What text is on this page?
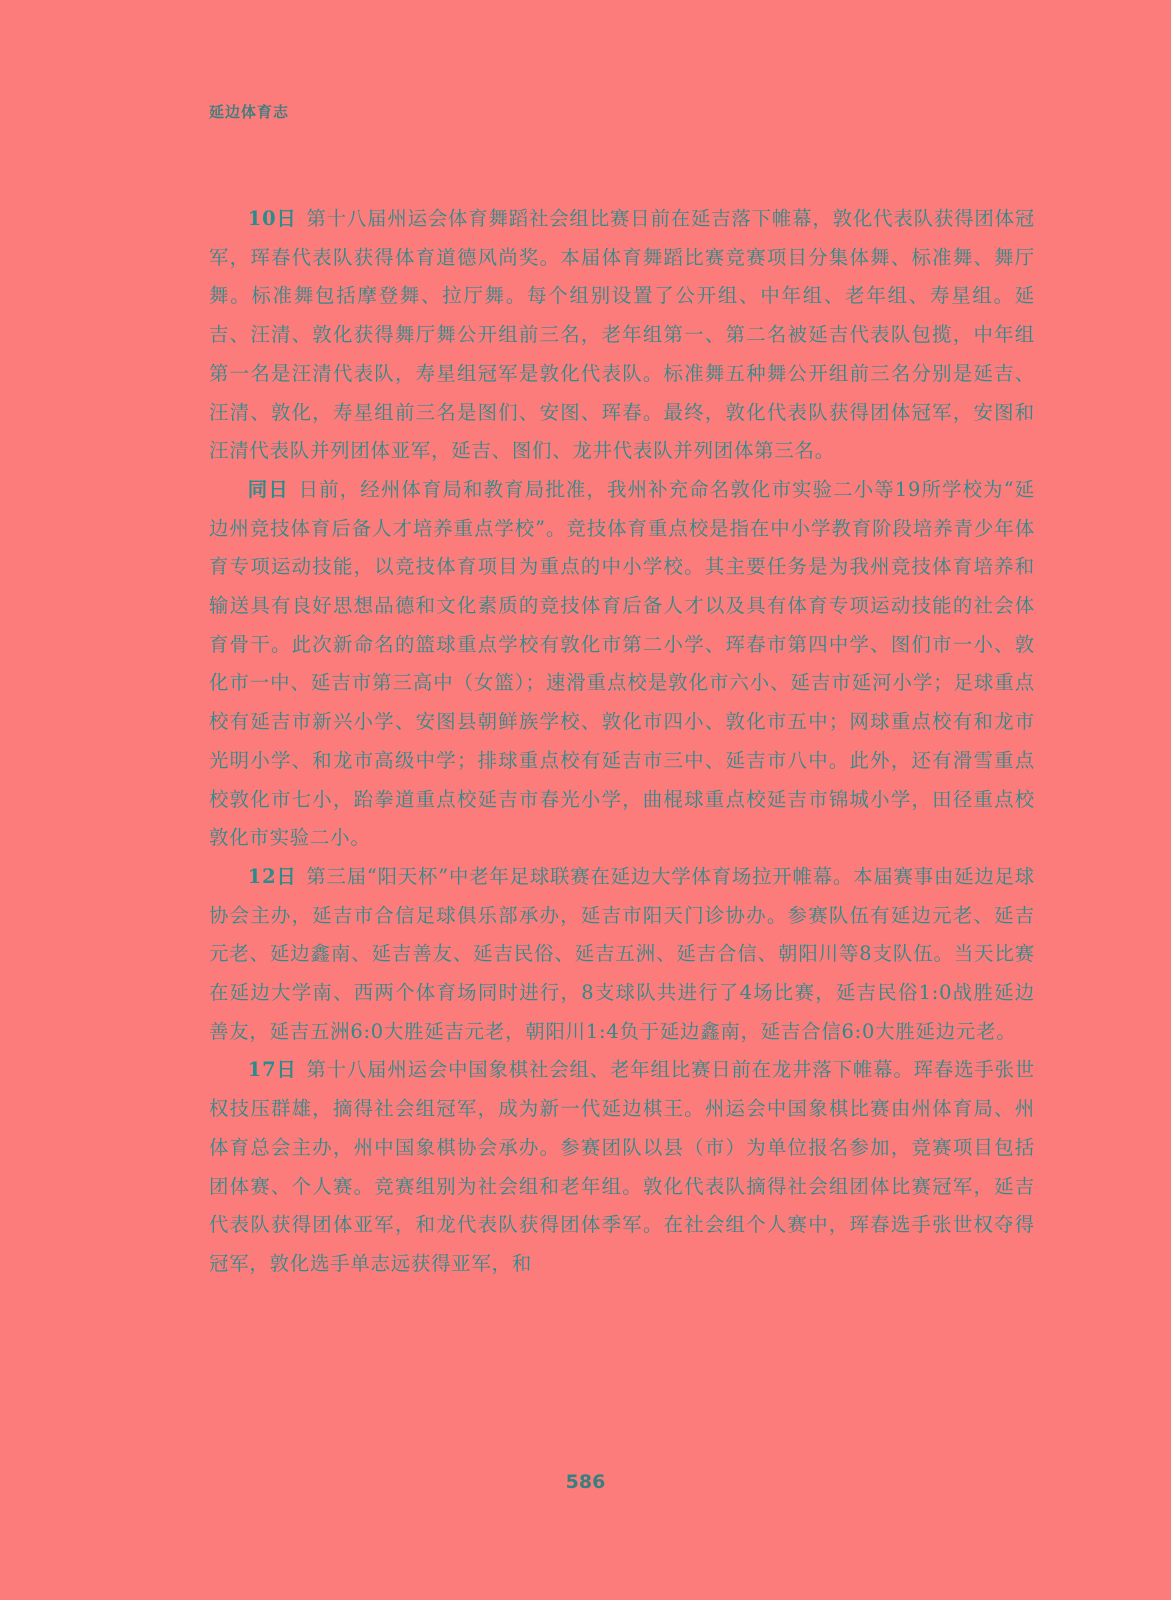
延边体育志

10日 第十八届州运会体育舞蹈社会组比赛日前在延吉落下帷幕，敦化代表队获得团体冠军，珲春代表队获得体育道德风尚奖。本届体育舞蹈比赛竞赛项目分集体舞、标准舞、舞厅舞。标准舞包括摩登舞、拉厅舞。每个组别设置了公开组、中年组、老年组、寿星组。延吉、汪清、敦化获得舞厅舞公开组前三名，老年组第一、第二名被延吉代表队包揽，中年组第一名是汪清代表队，寿星组冠军是敦化代表队。标准舞五种舞公开组前三名分别是延吉、汪清、敦化，寿星组前三名是图们、安图、珲春。最终，敦化代表队获得团体冠军，安图和汪清代表队并列团体亚军，延吉、图们、龙井代表队并列团体第三名。

同日 日前，经州体育局和教育局批准，我州补充命名敦化市实验二小等19所学校为“延边州竞技体育后备人才培养重点学校”。竞技体育重点校是指在中小学教育阶段培养青少年体育专项运动技能，以竞技体育项目为重点的中小学校。其主要任务是为我州竞技体育培养和输送具有良好思想品德和文化素质的竞技体育后备人才以及具有体育专项运动技能的社会体育骨干。此次新命名的篮球重点学校有敦化市第二小学、珲春市第四中学、图们市一小、敦化市一中、延吉市第三高中（女篮）；速滑重点校是敦化市六小、延吉市延河小学；足球重点校有延吉市新兴小学、安图县朝鲜族学校、敦化市四小、敦化市五中；网球重点校有和龙市光明小学、和龙市高级中学；排球重点校有延吉市三中、延吉市八中。此外，还有滑雪重点校敦化市七小，跆拳道重点校延吉市春光小学，曲棍球重点校延吉市锦城小学，田径重点校敦化市实验二小。

12日 第三届“阳天杯”中老年足球联赛在延边大学体育场拉开帷幕。本届赛事由延边足球协会主办，延吉市合信足球俱乐部承办，延吉市阳天门诊协办。参赛队伍有延边元老、延吉元老、延边鑫南、延吉善友、延吉民俗、延吉五洲、延吉合信、朝阳川等8支队伍。当天比赛在延边大学南、西两个体育场同时进行，8支球队共进行了4场比赛，延吉民俗1:0战胜延边善友，延吉五洲6:0大胜延吉元老，朝阳川1:4负于延边鑫南，延吉合信6:0大胜延边元老。

17日 第十八届州运会中国象棋社会组、老年组比赛日前在龙井落下帷幕。珲春选手张世权技压群雄，摘得社会组冠军，成为新一代延边棋王。州运会中国象棋比赛由州体育局、州体育总会主办，州中国象棋协会承办。参赛团队以县（市）为单位报名参加，竞赛项目包括团体赛、个人赛。竞赛组别为社会组和老年组。敦化代表队摘得社会组团体比赛冠军，延吉代表队获得团体亚军，和龙代表队获得团体季军。在社会组个人赛中，珲春选手张世权夺得冠军，敦化选手单志远获得亚军，和

586
